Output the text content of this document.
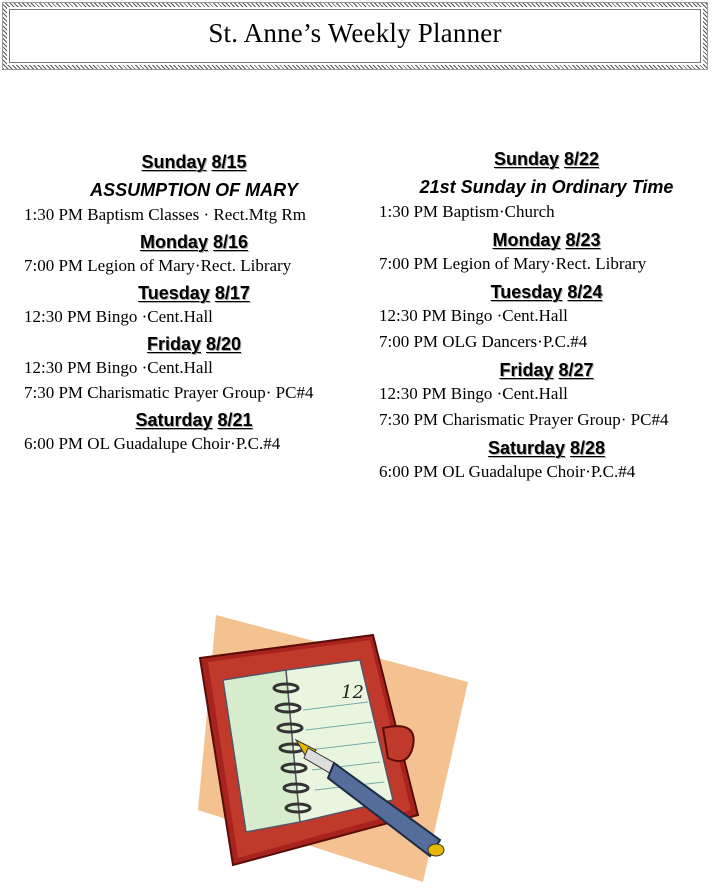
St. Anne’s Weekly Planner
Sunday 8/15
ASSUMPTION OF MARY
1:30 PM Baptism Classes · Rect.Mtg Rm
Monday 8/16
7:00 PM Legion of Mary·Rect. Library
Tuesday 8/17
12:30 PM Bingo ·Cent.Hall
Friday 8/20
12:30 PM Bingo ·Cent.Hall
7:30 PM Charismatic Prayer Group· PC#4
Saturday 8/21
6:00 PM OL Guadalupe Choir·P.C.#4
Sunday 8/22
21st Sunday in Ordinary Time
1:30 PM Baptism·Church
Monday 8/23
7:00 PM Legion of Mary·Rect. Library
Tuesday 8/24
12:30 PM Bingo ·Cent.Hall
7:00 PM OLG Dancers·P.C.#4
Friday 8/27
12:30 PM Bingo ·Cent.Hall
7:30 PM Charismatic Prayer Group· PC#4
Saturday 8/28
6:00 PM OL Guadalupe Choir·P.C.#4
12
